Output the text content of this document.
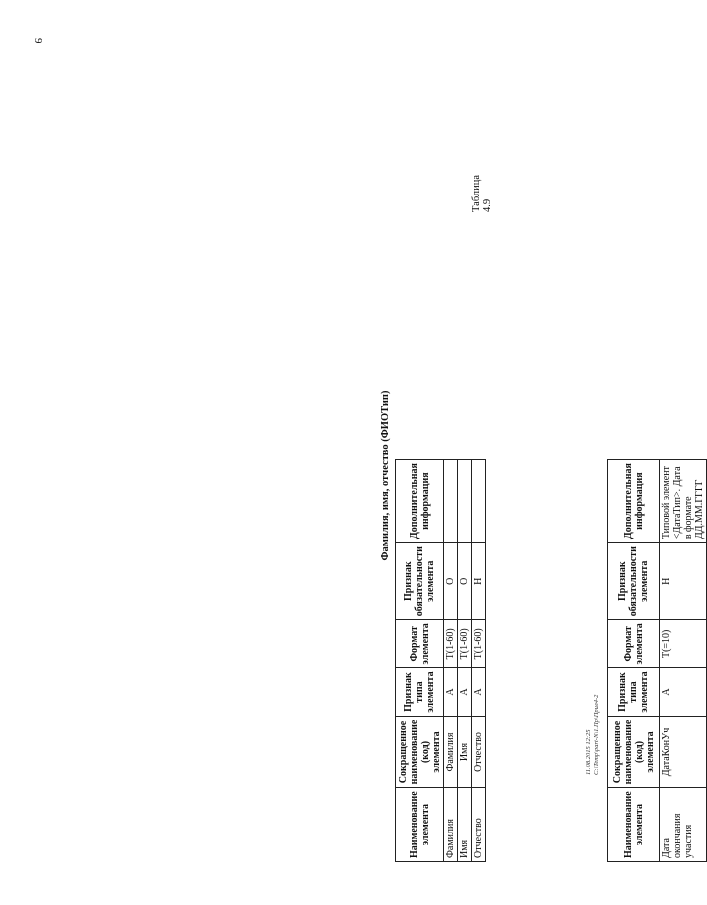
9
Наименование элемента	Сокращенное наименование (код) элемента	Признак типа элемента	Формат элемента	Признак обязательности элемента	Дополнительная информация
Дата окончания участия	ДатаКонУч	А	Т(=10)	Н	Типовой элемент <ДатаТип>. Дата в формате ДД.ММ.ГГГГ
Таблица 4.9
Фамилия, имя, отчество (ФИОТип)
Наименование элемента	Сокращенное наименование (код) элемента	Признак типа элемента	Формат элемента	Признак обязательности элемента	Дополнительная информация
Фамилия	Фамилия	А	Т(1-60)	О	
Имя	Имя	А	Т(1-60)	О	
Отчество	Отчество	А	Т(1-60)	Н	
11.08.2015 12:25 C:\Temp\part-N\1.Пр\Прил4-2
